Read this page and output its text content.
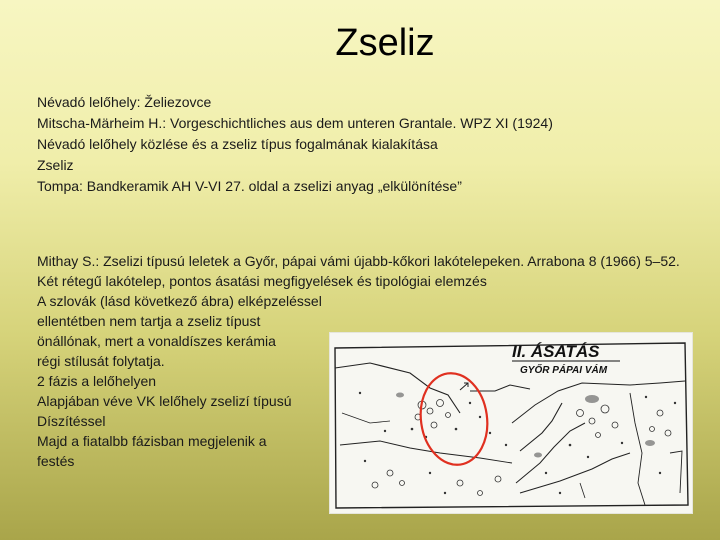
Zseliz
Névadó lelőhely: Želiezovce
Mitscha-Märheim H.: Vorgeschichtliches aus dem unteren Grantale. WPZ XI (1924)
Névadó lelőhely közlése és a zseliz típus fogalmának kialakítása
Zseliz
Tompa: Bandkeramik AH V-VI 27. oldal a zselizi anyag „elkülönítése”
Mithay S.: Zselizi típusú leletek a Győr, pápai vámi újabb-kőkori lakótelepeken. Arrabona 8 (1966) 5–52.
Két rétegű lakótelep, pontos ásatási megfigyelések és tipológiai elemzés
A szlovák (lásd következő ábra) elképzeléssel
ellentétben nem tartja a zseliz típust
önállónak, mert a vonaldíszes kerámia
régi stílusát folytatja.
2 fázis a lelőhelyen
Alapjában véve VK lelőhely zselizí típusú
Díszítéssel
Majd a fiatalbb fázisban megjelenik a
festés
II. ÁSATÁS
GYŐR PÁPAI VÁM
